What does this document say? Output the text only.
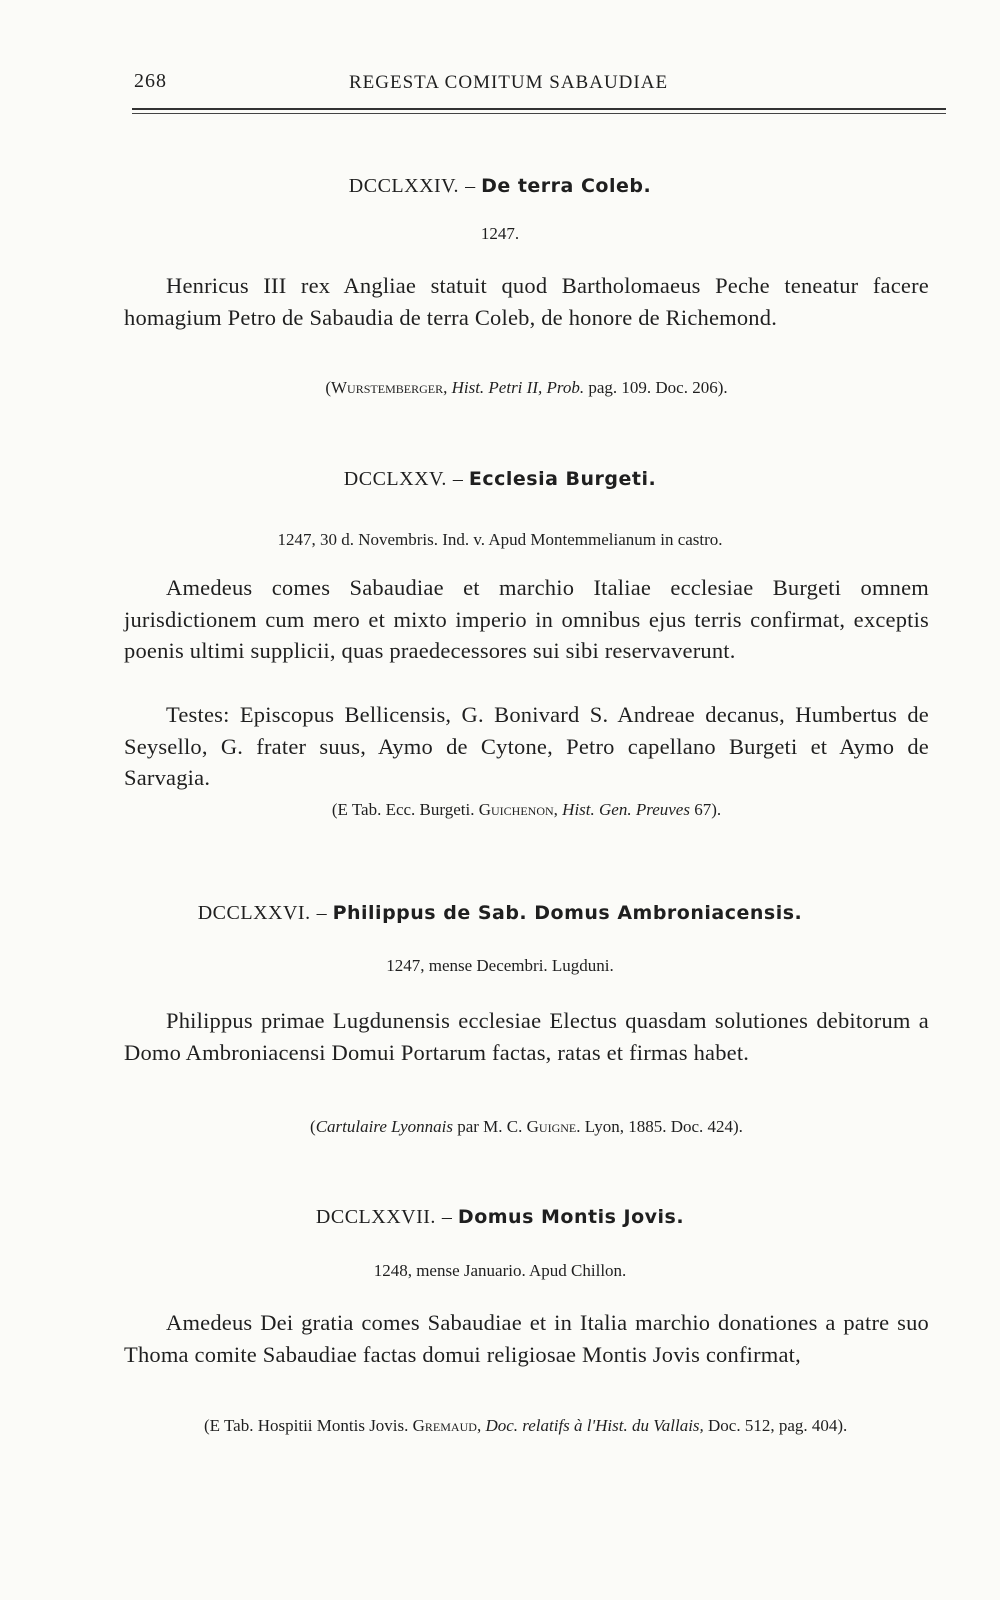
268	REGESTA COMITUM SABAUDIAE
DCCLXXIV. – De terra Coleb.
1247.

Henricus III rex Angliae statuit quod Bartholomaeus Peche teneatur facere homagium Petro de Sabaudia de terra Coleb, de honore de Richemond.

(Wurstemberger, Hist. Petri II, Prob. pag. 109. Doc. 206).

DCCLXXV. – Ecclesia Burgeti.
1247, 30 d. Novembris. Ind. v. Apud Montemmelianum in castro.

Amedeus comes Sabaudiae et marchio Italiae ecclesiae Burgeti omnem jurisdictionem cum mero et mixto imperio in omnibus ejus terris confirmat, exceptis poenis ultimi supplicii, quas praedecessores sui sibi reservaverunt.

Testes: Episcopus Bellicensis, G. Bonivard S. Andreae decanus, Humbertus de Seysello, G. frater suus, Aymo de Cytone, Petro capellano Burgeti et Aymo de Sarvagia.

(E Tab. Ecc. Burgeti. Guichenon, Hist. Gen. Preuves 67).

DCCLXXVI. – Philippus de Sab. Domus Ambroniacensis.
1247, mense Decembri. Lugduni.

Philippus primae Lugdunensis ecclesiae Electus quasdam solutiones debitorum a Domo Ambroniacensi Domui Portarum factas, ratas et firmas habet.

(Cartulaire Lyonnais par M. C. Guigne. Lyon, 1885. Doc. 424).

DCCLXXVII. – Domus Montis Jovis.
1248, mense Januario. Apud Chillon.

Amedeus Dei gratia comes Sabaudiae et in Italia marchio donationes a patre suo Thoma comite Sabaudiae factas domui religiosae Montis Jovis confirmat,

(E Tab. Hospitii Montis Jovis. Gremaud, Doc. relatifs à l'Hist. du Vallais, Doc. 512, pag. 404).
